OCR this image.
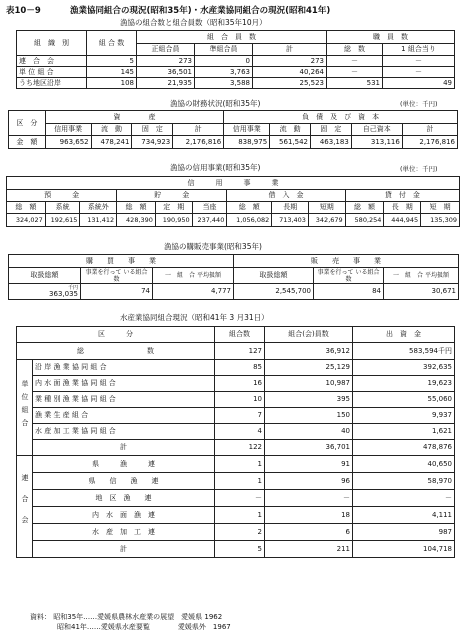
表10－9	漁業協同組合の現況(昭和35年)・水産業協同組合の現況(昭和41年)
漁協の組合数と組合員数（昭和35年10月）
組　織　別	組 合 数	組　合　員　数			職　員　数	
		正組合員	準組合員	計	総　数	1 組合当り
連　合　会	5	273	0	273	－	－
単 位 組 合	145	36,501	3,763	40,264	－	－
うち地区沿岸	108	21,935	3,588	25,523	531	49
漁協の財務状況(昭和35年)	(単位：千円)
区　分	資　　　　産				負　債　及　び　資　本				
	信用事業	流　動	固　定	計	信用事業	流　動	固　定	自己資本	計
金　額	963,652	478,241	734,923	2,176,816	838,975	561,542	463,183	313,116	2,176,816
漁協の信用事業(昭和35年)	(単位：千円)
信　　　用　　　事　　　業											
預　　　金			貯　　　金			借　入　金			貸　付　金		
総　額	系統	系統外	総　額	定　期	当座	総　額	長期	短期	総　額	長　期	短　期
324,027	192,615	131,412	428,390	190,950	237,440	1,056,082	713,403	342,679	580,254	444,945	135,309
漁協の購販売事業(昭和35年)
購　　買　　事　　業			販　　売　　事　　業		
取扱総額	事業を行って いる組合数	一　組　合 平均扱額	取扱総額	事業を行って いる組合数	一　組　合 平均扱額

千円
363,035	74	4,777	2,545,700	84	30,671
水産業協同組合現況（昭和41年 3 月31日）
区　　　分		組合数	組合(会)員数	出　資　金
総　　　　　　　　　数		127	36,912	583,594千円
単位組合	沿 岸 漁 業 協 同 組 合	85	25,129	392,635
	内 水 面 漁 業 協 同 組 合	16	10,987	19,623
	業 種 別 漁 業 協 同 組 合	10	395	55,060
	漁 業 生 産 組 合	7	150	9,937
	水 産 加 工 業 協 同 組 合	4	40	1,621
	計	122	36,701	478,876
連合会	県　　　漁　　　連	1	91	40,650
	県　　信　　漁　　連	1	96	58,970
	地　区　漁　　連	－	－	－
	内　水　面　漁　連	1	18	4,111
	水　産　加　工　連	2	6	987
	計	5	211	104,718
資料： 昭和35年……愛媛県農林水産業の展望　愛媛県 1962
昭和41年……愛媛県水産要覧　　　　愛媛県外　1967
